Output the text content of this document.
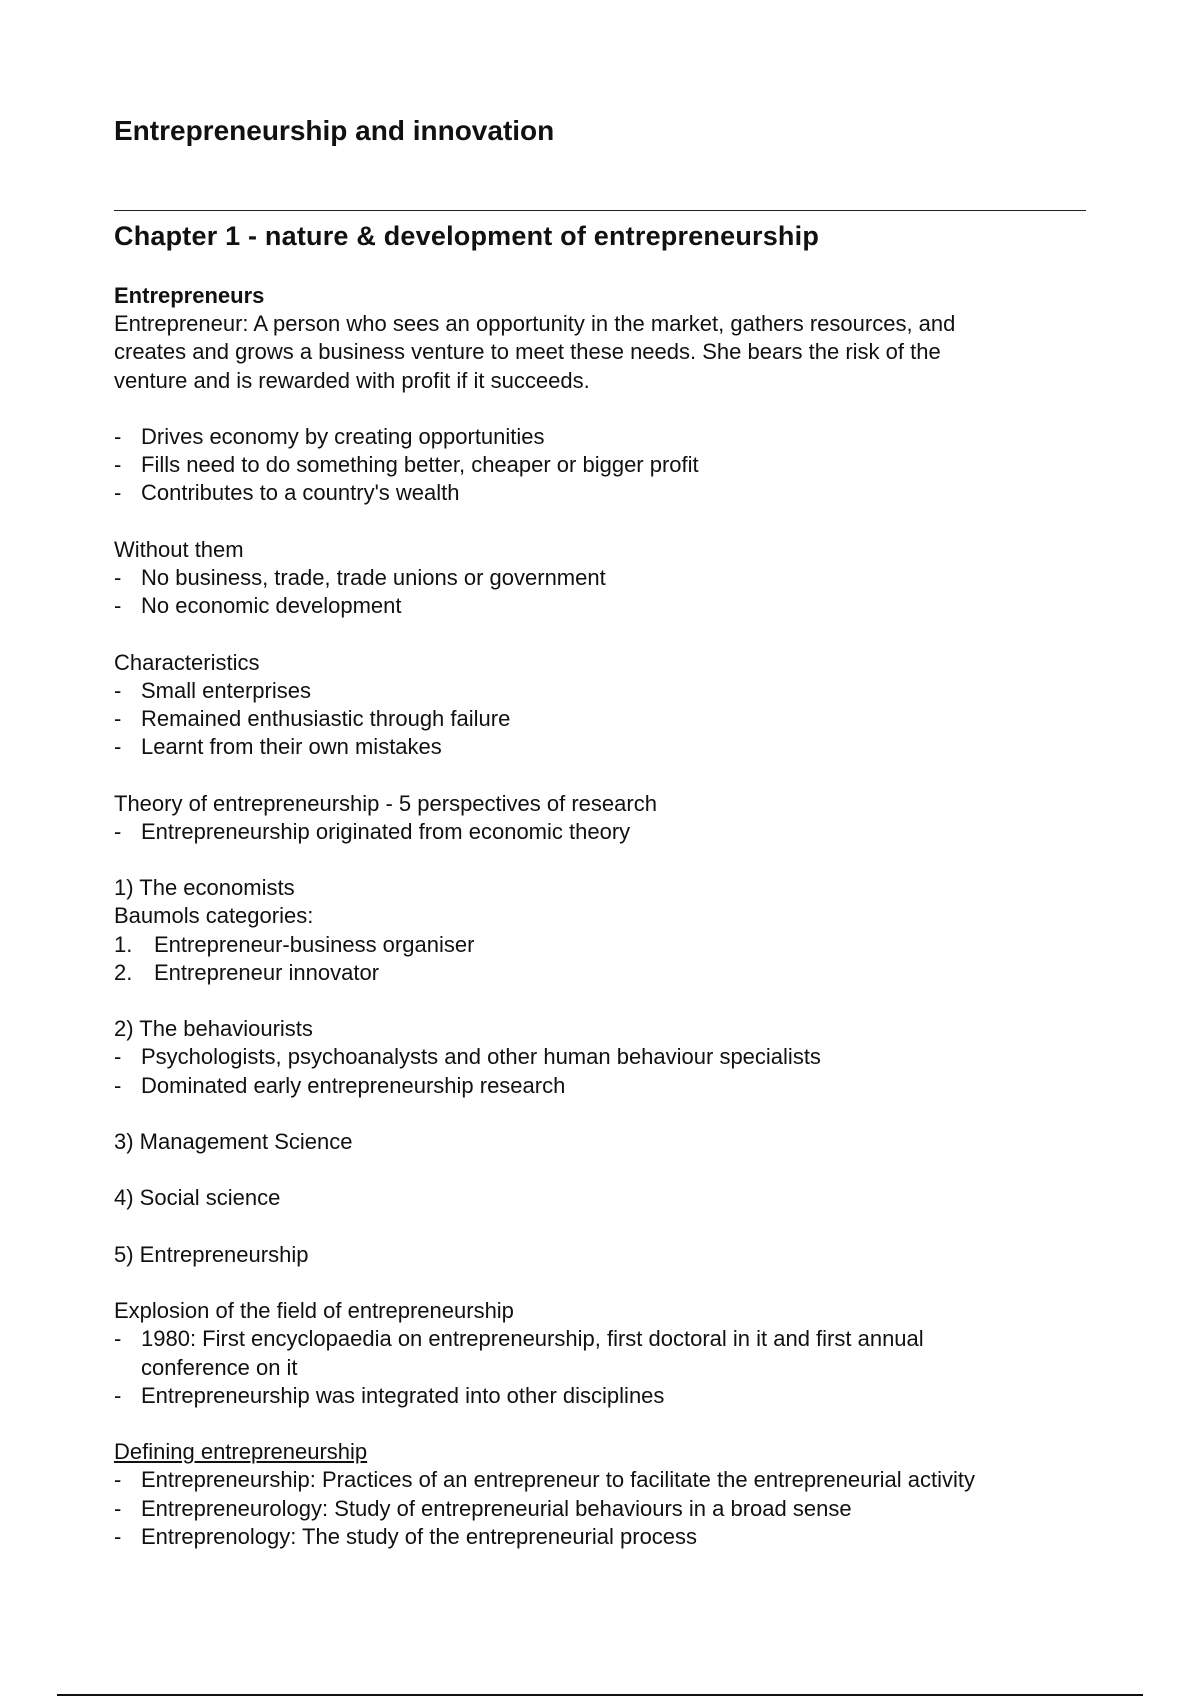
Entrepreneurship and innovation
Chapter 1 - nature & development of entrepreneurship

Entrepreneurs

Entrepreneur: A person who sees an opportunity in the market, gathers resources, and

creates and grows a business venture to meet these needs. She bears the risk of the

venture and is rewarded with profit if it succeeds.

- Drives economy by creating opportunities
- Fills need to do something better, cheaper or bigger profit
- Contributes to a country's wealth

Without them

- No business, trade, trade unions or government
- No economic development

Characteristics

- Small enterprises
- Remained enthusiastic through failure
- Learnt from their own mistakes

Theory of entrepreneurship - 5 perspectives of research

- Entrepreneurship originated from economic theory

1) The economists

Baumols categories:

1. Entrepreneur-business organiser
2. Entrepreneur innovator

2) The behaviourists

- Psychologists, psychoanalysts and other human behaviour specialists
- Dominated early entrepreneurship research

3) Management Science

4) Social science

5) Entrepreneurship

Explosion of the field of entrepreneurship

- 1980: First encyclopaedia on entrepreneurship, first doctoral in it and first annual
conference on it
- Entrepreneurship was integrated into other disciplines

Defining entrepreneurship

- Entrepreneurship: Practices of an entrepreneur to facilitate the entrepreneurial activity
- Entrepreneurology: Study of entrepreneurial behaviours in a broad sense
- Entreprenology: The study of the entrepreneurial process
